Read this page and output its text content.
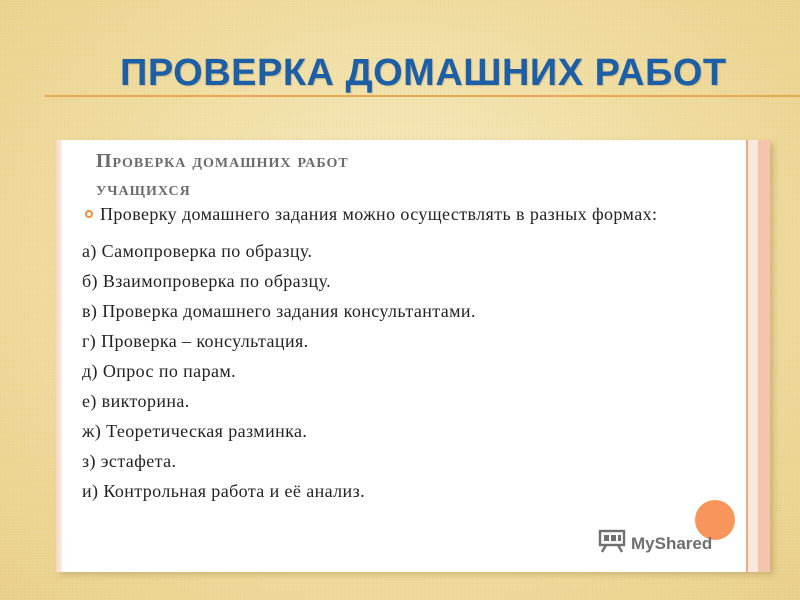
ПРОВЕРКА ДОМАШНИХ РАБОТ
Проверка домашних работ
учащихся
Проверку домашнего задания можно осуществлять в разных формах:
а) Самопроверка по образцу.
б) Взаимопроверка по образцу.
в) Проверка домашнего задания консультантами.
г) Проверка – консультация.
д) Опрос по парам.
е) викторина.
ж) Теоретическая разминка.
з) эстафета.
и) Контрольная работа и её анализ.
MyShared
